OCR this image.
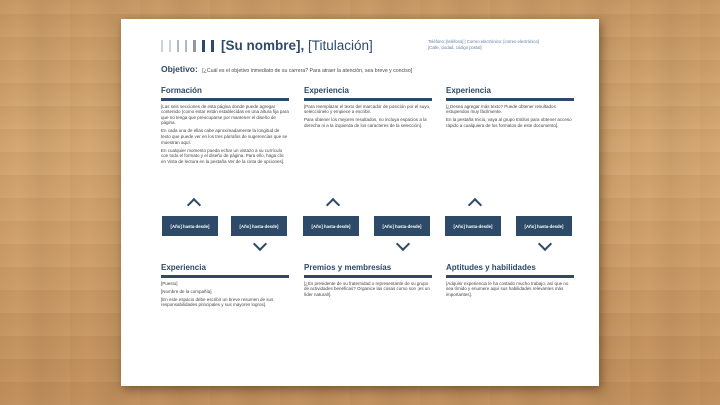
[Su nombre], [Titulación]	Teléfono: [teléfono] | Correo electrónico: [correo electrónico]
[Calle, ciudad, código postal]
Objetivo: [¿Cuál es el objetivo inmediato de su carrera? Para atraer la atención, sea breve y conciso]
Formación

[Las seis secciones de esta página donde puede agregar contenido (como estar están establecidas en una altura fija para que no tenga que preocuparse por mantener el diseño de página.

En cada una de ellas cabe aproximadamente la longitud de texto que puede ver en los tres párrafos de sugerencias que se muestran aquí.

En cualquier momento pueda echar un vistazo a su currículo con todo el formato y el diseño de página. Para ello, haga clic en Vista de lectura en la pestaña Ver de la cinta de opciones].

Experiencia

[Para reemplazar el texto del marcador de posición por el suyo, selecciónelo y empiece a escribir.

Para obtener los mejores resultados, no incluya espacios a la derecha ni a la izquierda de los caracteres de la selección].

Experiencia

[¿Desea agregar más texto? Puede obtener resultados estupendos muy fácilmente.

En la pestaña Inicio, vaya al grupo Estilos para obtener acceso rápido a cualquiera de los formatos de este documento].

[Año] hasta-desde]	[Año] hasta-desde]	[Año] hasta-desde]	[Año] hasta-desde]	[Año] hasta-desde]	[Año] hasta-desde]
Experiencia

[Puesto]

[Nombre de la compañía]

[En este espacio debe escribir un breve resumen de sus responsabilidades principales y sus mayores logros].

Premios y membresías

[¿Es presidente de su fraternidad o representante de su grupo de actividades benéficas? Organice las cosas como son ¡es un líder natural!].

Aptitudes y habilidades

[Adquirir experiencia le ha costado mucho trabajo, así que no sea tímido y enumere aquí sus habilidades relevantes más importantes].
